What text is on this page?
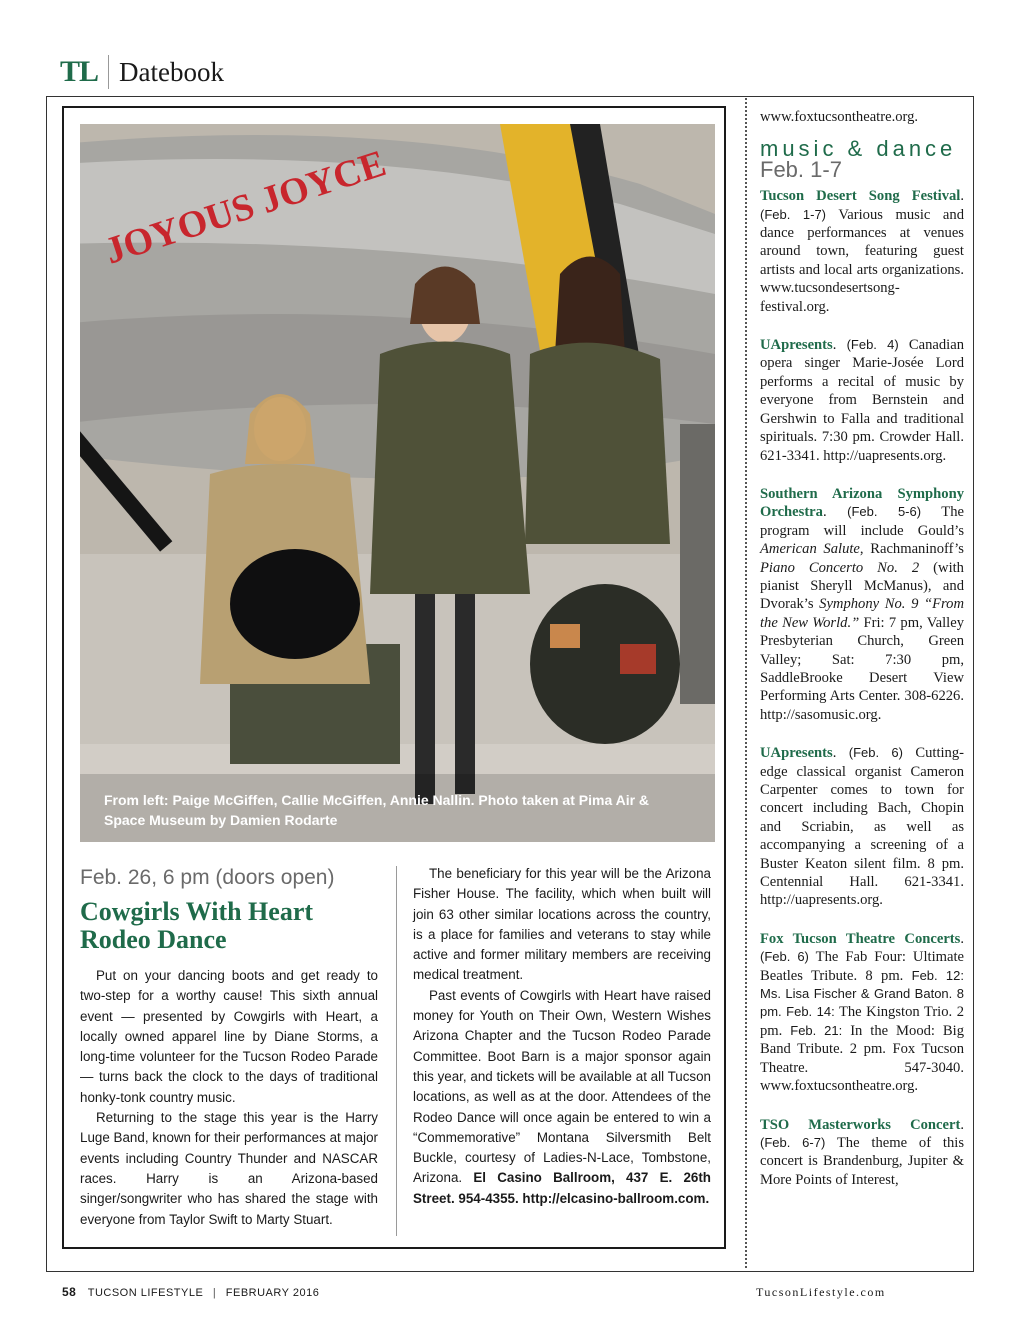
TL Datebook
JOYOUS JOYCE
From left: Paige McGiffen, Callie McGiffen, Annie Nallin. Photo taken at Pima Air & Space Museum by Damien Rodarte
Feb. 26, 6 pm (doors open)
Cowgirls With Heart Rodeo Dance

Put on your dancing boots and get ready to two-step for a worthy cause! This sixth annual event — presented by Cowgirls with Heart, a locally owned apparel line by Diane Storms, a long-time volunteer for the Tucson Rodeo Parade — turns back the clock to the days of traditional honky-tonk country music.

Returning to the stage this year is the Harry Luge Band, known for their performances at major events including Country Thunder and NASCAR races. Harry is an Arizona-based singer/songwriter who has shared the stage with everyone from Taylor Swift to Marty Stuart.

The beneficiary for this year will be the Arizona Fisher House. The facility, which when built will join 63 other similar locations across the country, is a place for families and veterans to stay while active and former military members are receiving medical treatment.

Past events of Cowgirls with Heart have raised money for Youth on Their Own, Western Wishes Arizona Chapter and the Tucson Rodeo Parade Committee. Boot Barn is a major sponsor again this year, and tickets will be available at all Tucson locations, as well as at the door. Attendees of the Rodeo Dance will once again be entered to win a “Commemorative” Montana Silversmith Belt Buckle, courtesy of Ladies-N-Lace, Tombstone, Arizona. El Casino Ballroom, 437 E. 26th Street. 954-4355. http://elcasino-ballroom.com.

www.foxtucsontheatre.org.

music & dance
Feb. 1-7

Tucson Desert Song Festival. (Feb. 1-7) Various music and dance performances at venues around town, featuring guest artists and local arts organizations. www.tucsondesertsong-festival.org.

UApresents. (Feb. 4) Canadian opera singer Marie-Josée Lord performs a recital of music by everyone from Bernstein and Gershwin to Falla and traditional spirituals. 7:30 pm. Crowder Hall. 621-3341. http://uapresents.org.

Southern Arizona Symphony Orchestra. (Feb. 5-6) The program will include Gould’s American Salute, Rachmaninoff’s Piano Concerto No. 2 (with pianist Sheryll McManus), and Dvorak’s Symphony No. 9 “From the New World.” Fri: 7 pm, Valley Presbyterian Church, Green Valley; Sat: 7:30 pm, SaddleBrooke Desert View Performing Arts Center. 308-6226. http://sasomusic.org.

UApresents. (Feb. 6) Cutting-edge classical organist Cameron Carpenter comes to town for concert including Bach, Chopin and Scriabin, as well as accompanying a screening of a Buster Keaton silent film. 8 pm. Centennial Hall. 621-3341. http://uapresents.org.

Fox Tucson Theatre Concerts. (Feb. 6) The Fab Four: Ultimate Beatles Tribute. 8 pm. Feb. 12: Ms. Lisa Fischer & Grand Baton. 8 pm. Feb. 14: The Kingston Trio. 2 pm. Feb. 21: In the Mood: Big Band Tribute. 2 pm. Fox Tucson Theatre. 547-3040. www.foxtucsontheatre.org.

TSO Masterworks Concert. (Feb. 6-7) The theme of this concert is Brandenburg, Jupiter & More Points of Interest,

58 TUCSON LIFESTYLE | FEBRUARY 2016	TucsonLifestyle.com
